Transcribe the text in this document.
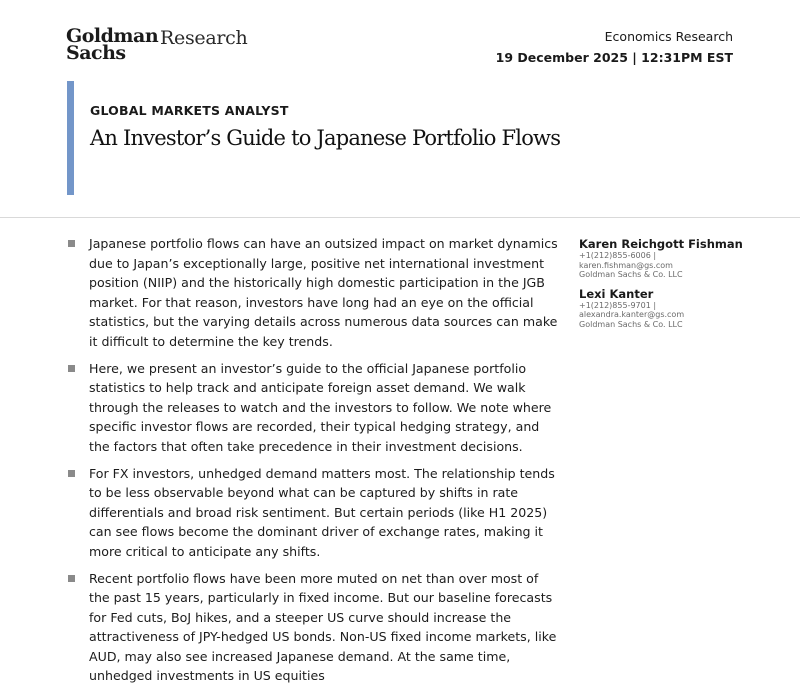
Goldman
Sachs
Research	Economics Research
19 December 2025 | 12:31PM EST
GLOBAL MARKETS ANALYST
An Investor’s Guide to Japanese Portfolio Flows
Japanese portfolio flows can have an outsized impact on market dynamics due to Japan’s exceptionally large, positive net international investment position (NIIP) and the historically high domestic participation in the JGB market. For that reason, investors have long had an eye on the official statistics, but the varying details across numerous data sources can make it difficult to determine the key trends.
Here, we present an investor’s guide to the official Japanese portfolio statistics to help track and anticipate foreign asset demand. We walk through the releases to watch and the investors to follow. We note where specific investor flows are recorded, their typical hedging strategy, and the factors that often take precedence in their investment decisions.
For FX investors, unhedged demand matters most. The relationship tends to be less observable beyond what can be captured by shifts in rate differentials and broad risk sentiment. But certain periods (like H1 2025) can see flows become the dominant driver of exchange rates, making it more critical to anticipate any shifts.
Recent portfolio flows have been more muted on net than over most of the past 15 years, particularly in fixed income. But our baseline forecasts for Fed cuts, BoJ hikes, and a steeper US curve should increase the attractiveness of JPY-hedged US bonds. Non-US fixed income markets, like AUD, may also see increased Japanese demand. At the same time, unhedged investments in US equities
Karen Reichgott Fishman
+1(212)855-6006 |
karen.fishman@gs.com
Goldman Sachs & Co. LLC
Lexi Kanter
+1(212)855-9701 |
alexandra.kanter@gs.com
Goldman Sachs & Co. LLC
